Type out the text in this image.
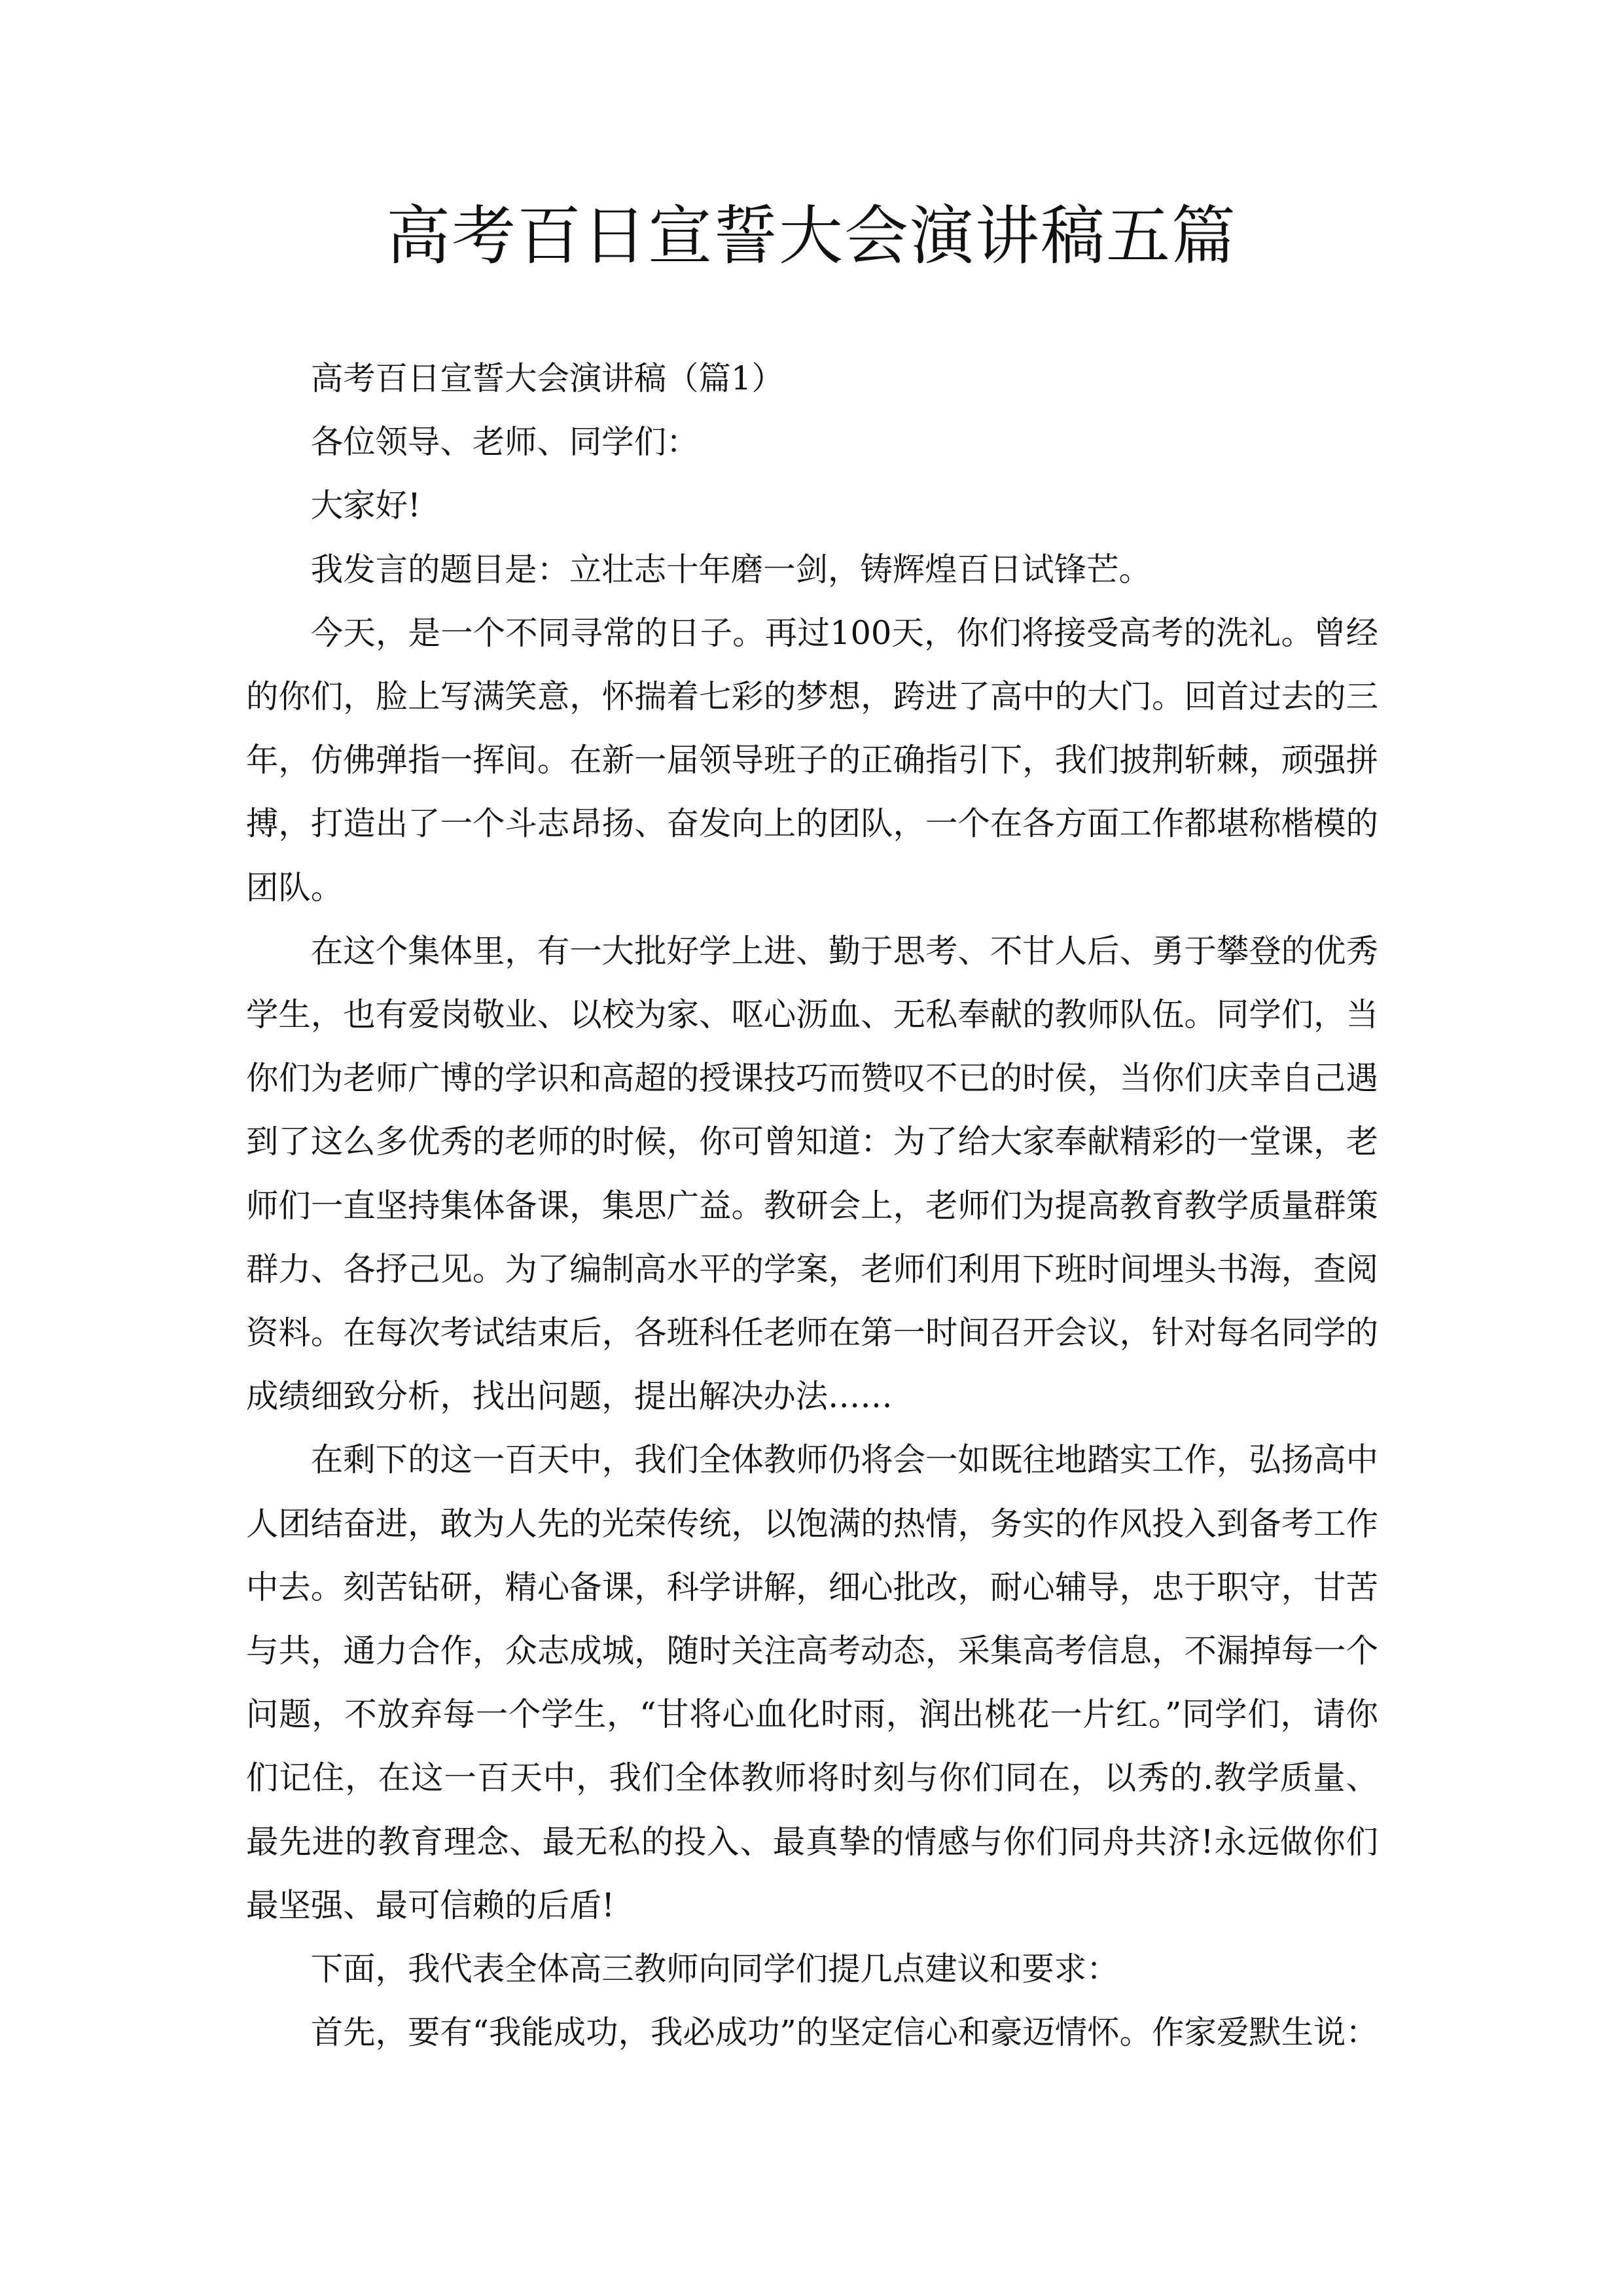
高考百日宣誓大会演讲稿五篇

高考百日宣誓大会演讲稿（篇1）

各位领导、老师、同学们：

大家好!

我发言的题目是：立壮志十年磨一剑，铸辉煌百日试锋芒。

今天，是一个不同寻常的日子。再过100天，你们将接受高考的洗礼。曾经的你们，脸上写满笑意，怀揣着七彩的梦想，跨进了高中的大门。回首过去的三年，仿佛弹指一挥间。在新一届领导班子的正确指引下，我们披荆斩棘，顽强拼搏，打造出了一个斗志昂扬、奋发向上的团队，一个在各方面工作都堪称楷模的团队。

在这个集体里，有一大批好学上进、勤于思考、不甘人后、勇于攀登的优秀学生，也有爱岗敬业、以校为家、呕心沥血、无私奉献的教师队伍。同学们，当你们为老师广博的学识和高超的授课技巧而赞叹不已的时侯，当你们庆幸自己遇到了这么多优秀的老师的时候，你可曾知道：为了给大家奉献精彩的一堂课，老师们一直坚持集体备课，集思广益。教研会上，老师们为提高教育教学质量群策群力、各抒己见。为了编制高水平的学案，老师们利用下班时间埋头书海，查阅资料。在每次考试结束后，各班科任老师在第一时间召开会议，针对每名同学的成绩细致分析，找出问题，提出解决办法……

在剩下的这一百天中，我们全体教师仍将会一如既往地踏实工作，弘扬高中人团结奋进，敢为人先的光荣传统，以饱满的热情，务实的作风投入到备考工作中去。刻苦钻研，精心备课，科学讲解，细心批改，耐心辅导，忠于职守，甘苦与共，通力合作，众志成城，随时关注高考动态，采集高考信息，不漏掉每一个问题，不放弃每一个学生，“甘将心血化时雨，润出桃花一片红。”同学们，请你们记住，在这一百天中，我们全体教师将时刻与你们同在，以秀的.教学质量、最先进的教育理念、最无私的投入、最真挚的情感与你们同舟共济!永远做你们最坚强、最可信赖的后盾!

下面，我代表全体高三教师向同学们提几点建议和要求：

首先，要有“我能成功，我必成功”的坚定信心和豪迈情怀。作家爱默生说：
